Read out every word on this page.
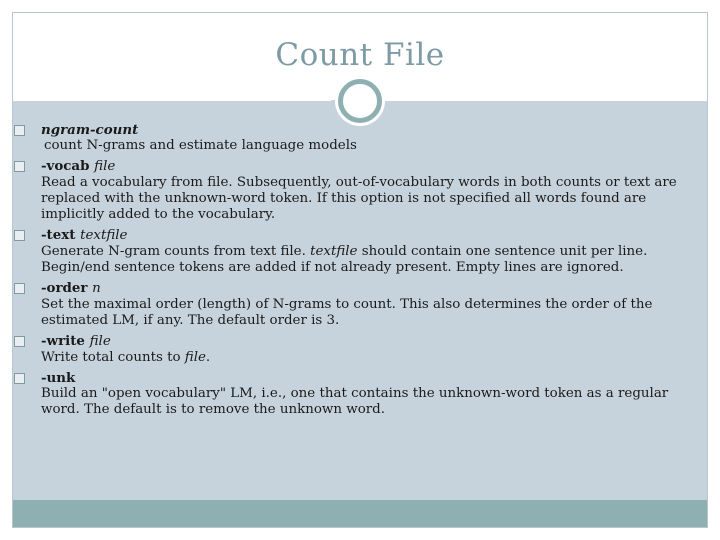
Count File
ngram-count
count N-grams and estimate language models
-vocab file
Read a vocabulary from file. Subsequently, out-of-vocabulary words in both counts or text are
replaced with the unknown-word token. If this option is not specified all words found are
implicitly added to the vocabulary.
-text textfile
Generate N-gram counts from text file. textfile should contain one sentence unit per line.
Begin/end sentence tokens are added if not already present. Empty lines are ignored.
-order n
Set the maximal order (length) of N-grams to count. This also determines the order of the
estimated LM, if any. The default order is 3.
-write file
Write total counts to file.
-unk
Build an "open vocabulary" LM, i.e., one that contains the unknown-word token as a regular
word. The default is to remove the unknown word.
